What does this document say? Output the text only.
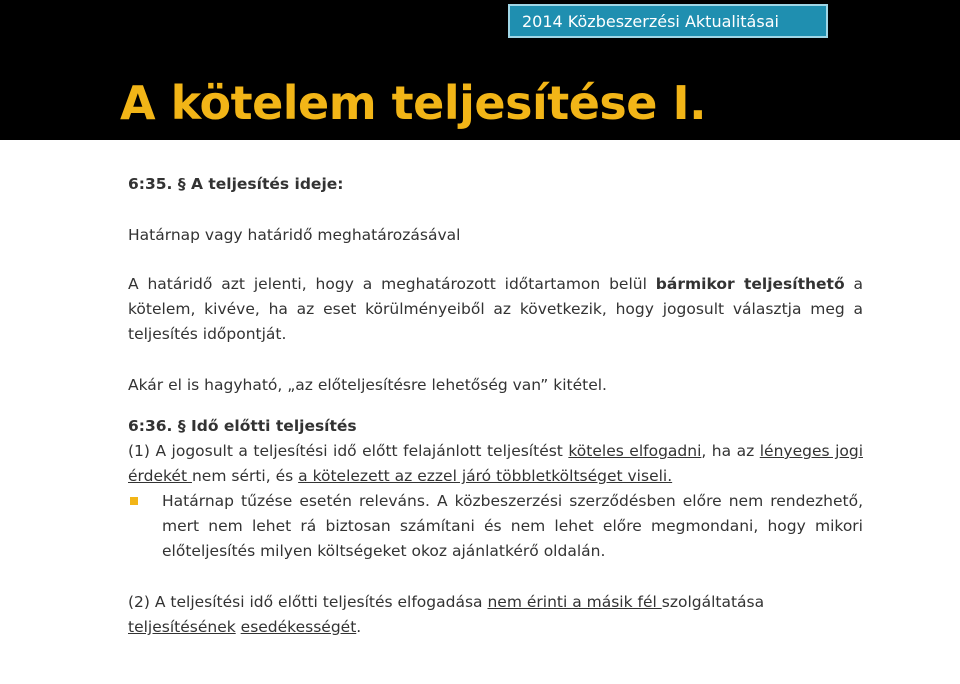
2014 Közbeszerzési Aktualitásai
A kötelem teljesítése I.

6:35. § A teljesítés ideje:

Határnap vagy határidő meghatározásával

A határidő azt jelenti, hogy a meghatározott időtartamon belül bármikor teljesíthető a kötelem, kivéve, ha az eset körülményeiből az következik, hogy jogosult választja meg a teljesítés időpontját.

Akár el is hagyható, „az előteljesítésre lehetőség van” kitétel.

6:36. § Idő előtti teljesítés

(1) A jogosult a teljesítési idő előtt felajánlott teljesítést köteles elfogadni, ha az lényeges jogi érdekét nem sérti, és a kötelezett az ezzel járó többletköltséget viseli.

Határnap tűzése esetén releváns. A közbeszerzési szerződésben előre nem rendezhető, mert nem lehet rá biztosan számítani és nem lehet előre megmondani, hogy mikori előteljesítés milyen költségeket okoz ajánlatkérő oldalán.

(2) A teljesítési idő előtti teljesítés elfogadása nem érinti a másik fél szolgáltatása teljesítésének esedékességét.
